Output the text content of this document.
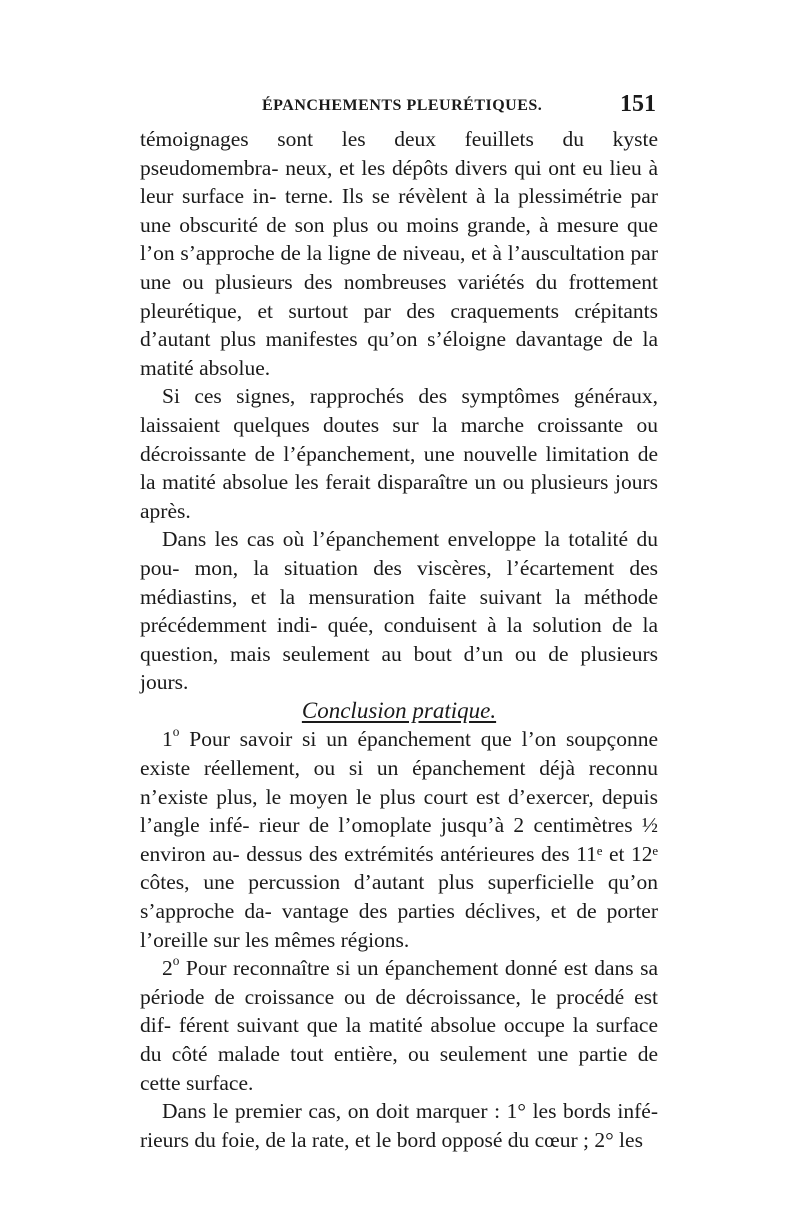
ÉPANCHEMENTS PLEURÉTIQUES.	151

témoignages sont les deux feuillets du kyste pseudomembra- neux, et les dépôts divers qui ont eu lieu à leur surface in- terne. Ils se révèlent à la plessimétrie par une obscurité de son plus ou moins grande, à mesure que l’on s’approche de la ligne de niveau, et à l’auscultation par une ou plusieurs des nombreuses variétés du frottement pleurétique, et surtout par des craquements crépitants d’autant plus manifestes qu’on s’éloigne davantage de la matité absolue.

Si ces signes, rapprochés des symptômes généraux, laissaient quelques doutes sur la marche croissante ou décroissante de l’épanchement, une nouvelle limitation de la matité absolue les ferait disparaître un ou plusieurs jours après.

Dans les cas où l’épanchement enveloppe la totalité du pou- mon, la situation des viscères, l’écartement des médiastins, et la mensuration faite suivant la méthode précédemment indi- quée, conduisent à la solution de la question, mais seulement au bout d’un ou de plusieurs jours.

Conclusion pratique.

1$^o$ Pour savoir si un épanchement que l’on soupçonne existe réellement, ou si un épanchement déjà reconnu n’existe plus, le moyen le plus court est d’exercer, depuis l’angle infé- rieur de l’omoplate jusqu’à 2 centimètres ½ environ au- dessus des extrémités antérieures des 11ᵉ et 12ᵉ côtes, une percussion d’autant plus superficielle qu’on s’approche da- vantage des parties déclives, et de porter l’oreille sur les mêmes régions.

2$^o$ Pour reconnaître si un épanchement donné est dans sa période de croissance ou de décroissance, le procédé est dif- férent suivant que la matité absolue occupe la surface du côté malade tout entière, ou seulement une partie de cette surface.

Dans le premier cas, on doit marquer : 1° les bords infé- rieurs du foie, de la rate, et le bord opposé du cœur ; 2° les
